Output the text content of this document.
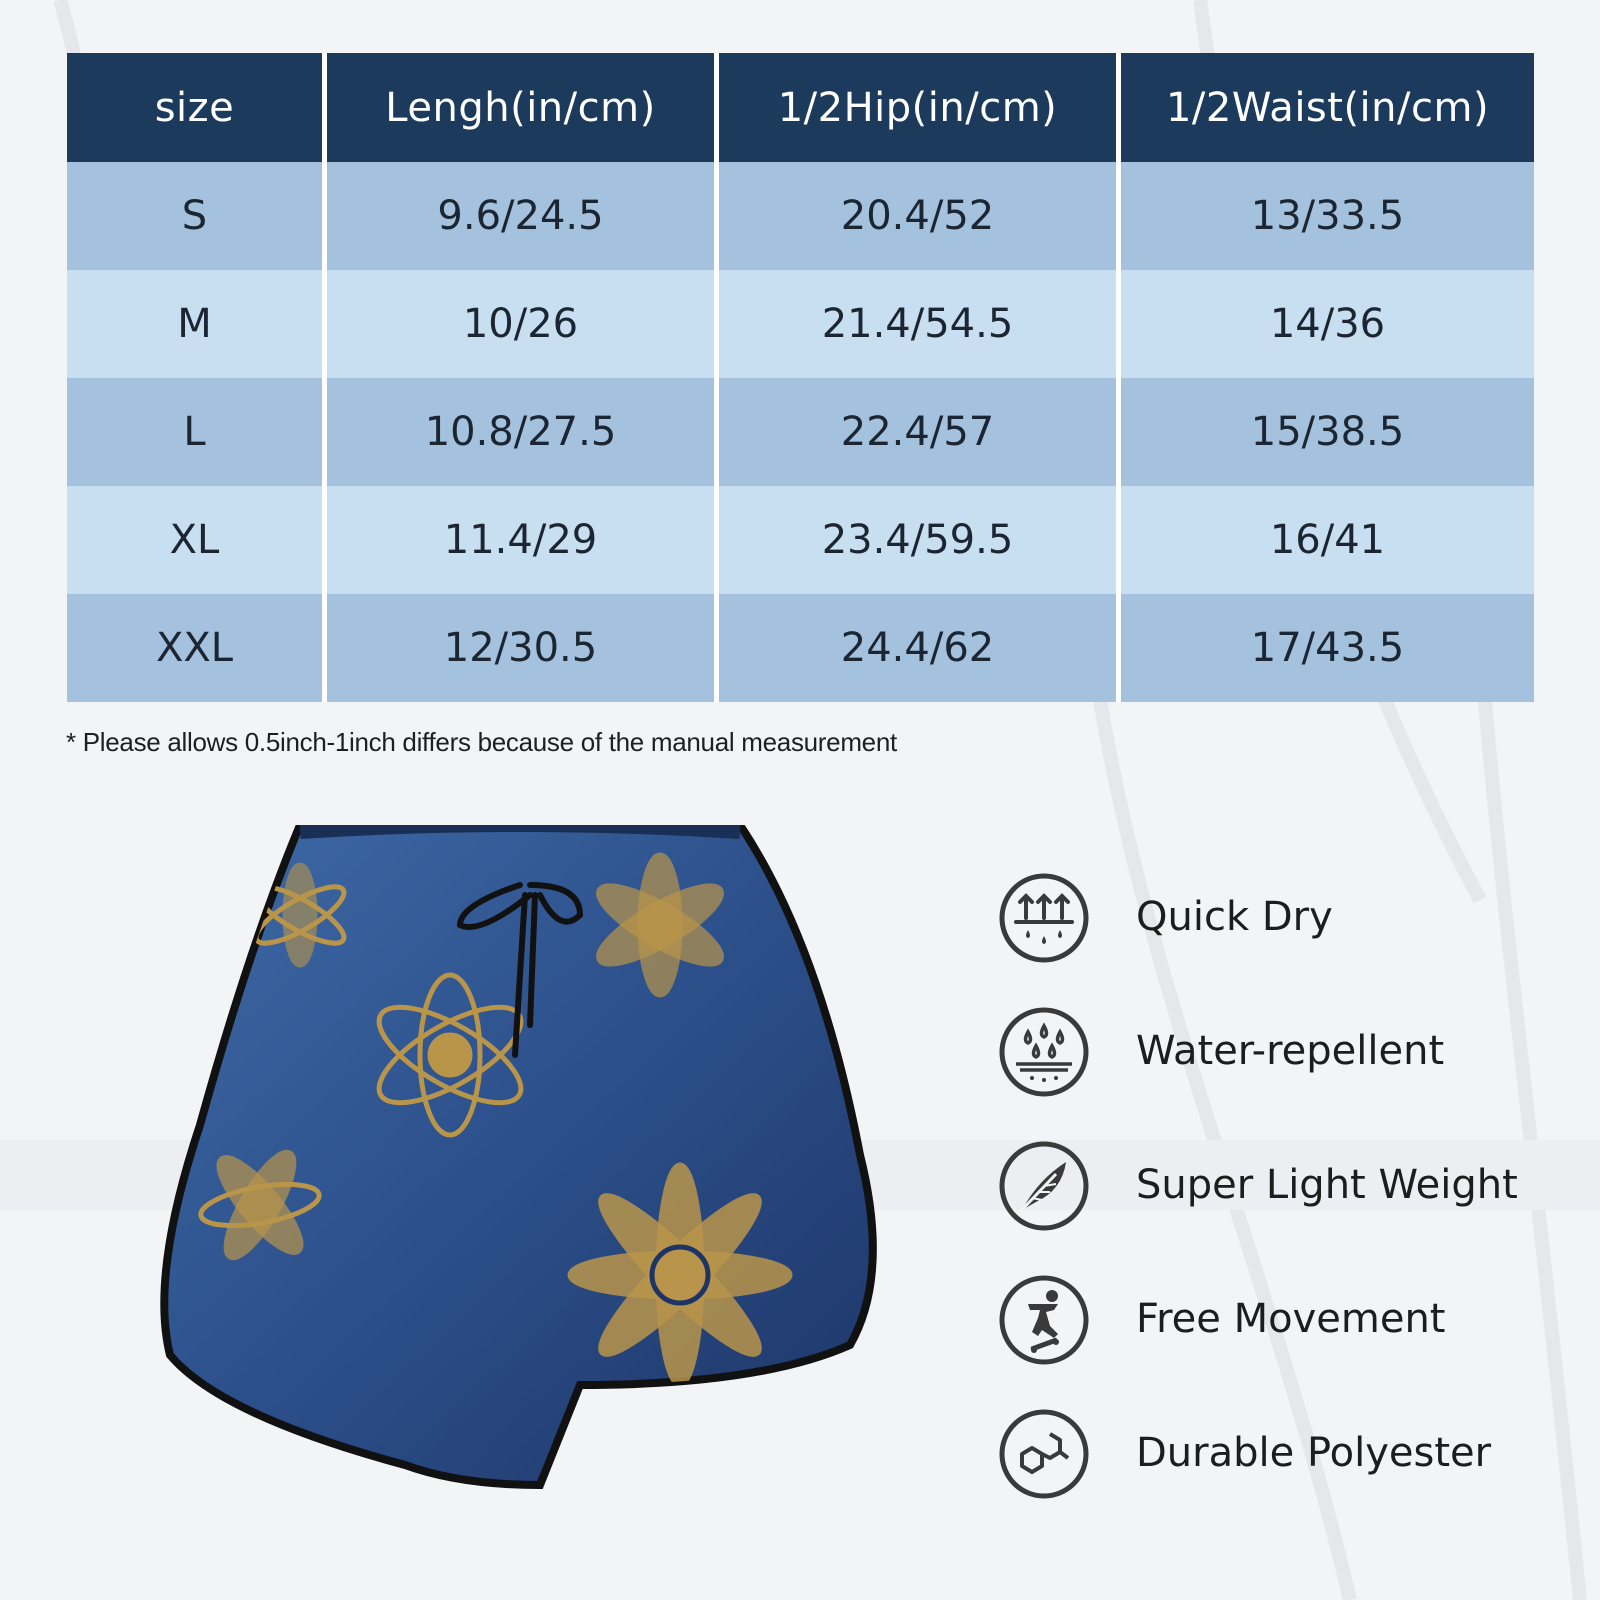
size	Lengh(in/cm)	1/2Hip(in/cm)	1/2Waist(in/cm)
S	9.6/24.5	20.4/52	13/33.5
M	10/26	21.4/54.5	14/36
L	10.8/27.5	22.4/57	15/38.5
XL	11.4/29	23.4/59.5	16/41
XXL	12/30.5	24.4/62	17/43.5
* Please allows 0.5inch-1inch differs because of the manual measurement
Quick Dry
Water-repellent
Super Light Weight
Free Movement
Durable Polyester
